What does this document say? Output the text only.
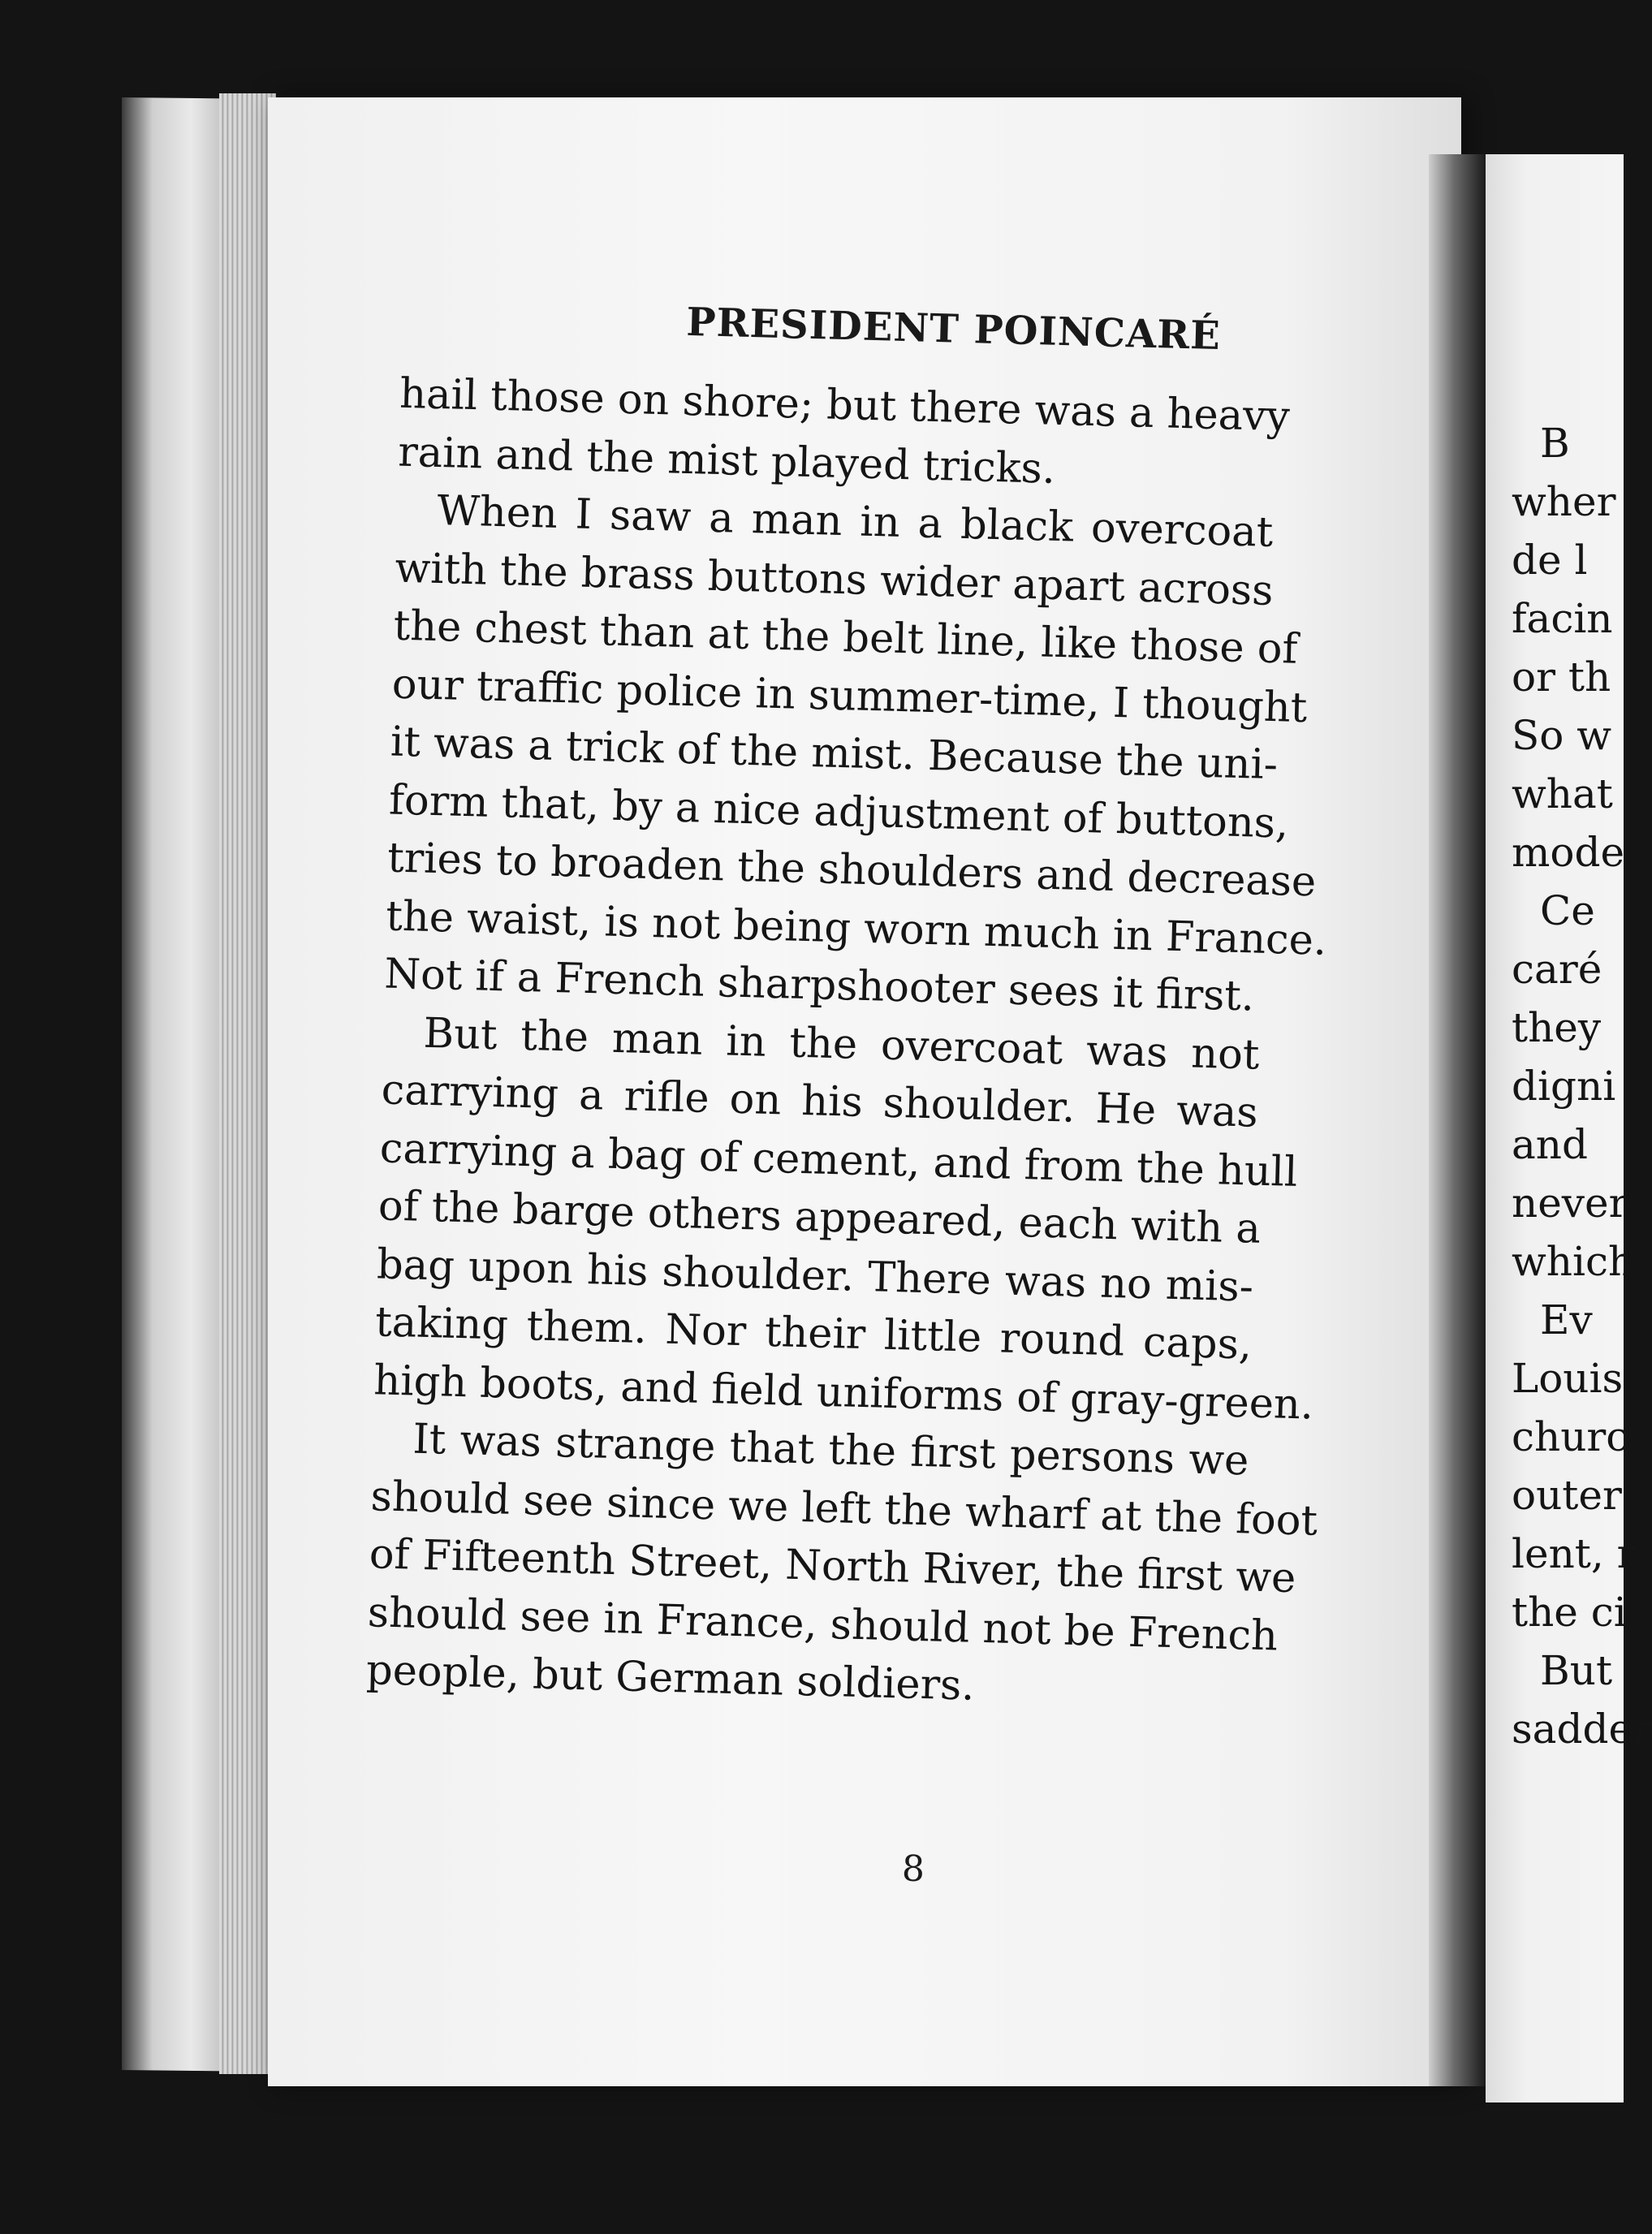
PRESIDENT POINCARÉ
hail those on shore; but there was a heavy
rain and the mist played tricks.
When I saw a man in a black overcoat
with the brass buttons wider apart across
the chest than at the belt line, like those of
our traffic police in summer-time, I thought
it was a trick of the mist. Because the uni-
form that, by a nice adjustment of buttons,
tries to broaden the shoulders and decrease
the waist, is not being worn much in France.
Not if a French sharpshooter sees it first.
But the man in the overcoat was not
carrying a rifle on his shoulder. He was
carrying a bag of cement, and from the hull
of the barge others appeared, each with a
bag upon his shoulder. There was no mis-
taking them. Nor their little round caps,
high boots, and field uniforms of gray-green.
It was strange that the first persons we
should see since we left the wharf at the foot
of Fifteenth Street, North River, the first we
should see in France, should not be French
people, but German soldiers.
8
B
wher
de l
facin
or th
So w
what
mode
Ce
caré
they
digni
and
never
which
Ev
Louis
churc
outer
lent, r
the ci
But
sadder
